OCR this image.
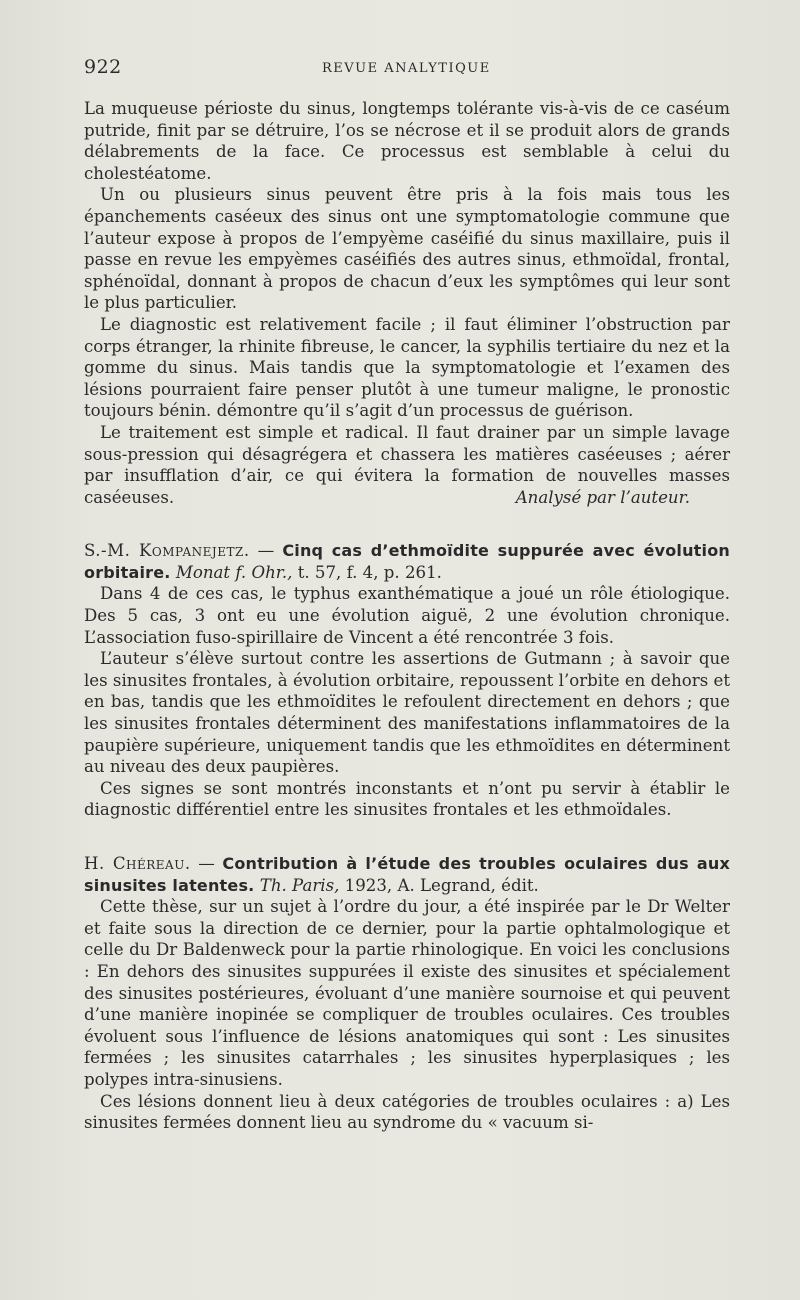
922	REVUE ANALYTIQUE

La muqueuse périoste du sinus, longtemps tolérante vis-à-vis de ce caséum putride, finit par se détruire, l’os se nécrose et il se produit alors de grands délabrements de la face. Ce processus est semblable à celui du cholestéatome.

Un ou plusieurs sinus peuvent être pris à la fois mais tous les épanchements caséeux des sinus ont une symptomatologie commune que l’auteur expose à propos de l’empyème caséifié du sinus maxillaire, puis il passe en revue les empyèmes caséifiés des autres sinus, ethmoïdal, frontal, sphénoïdal, donnant à propos de chacun d’eux les symptômes qui leur sont le plus particulier.

Le diagnostic est relativement facile ; il faut éliminer l’obstruction par corps étranger, la rhinite fibreuse, le cancer, la syphilis tertiaire du nez et la gomme du sinus. Mais tandis que la symptomatologie et l’examen des lésions pourraient faire penser plutôt à une tumeur maligne, le pronostic toujours bénin. démontre qu’il s’agit d’un processus de guérison.

Le traitement est simple et radical. Il faut drainer par un simple lavage sous-pression qui désagrégera et chassera les matières caséeuses ; aérer par insufflation d’air, ce qui évitera la formation de nouvelles masses caséeuses.	Analysé par l’auteur.

S.-M. Kompanejetz. — Cinq cas d’ethmoïdite suppurée avec évolution orbitaire. Monat f. Ohr., t. 57, f. 4, p. 261.

Dans 4 de ces cas, le typhus exanthématique a joué un rôle étiologique. Des 5 cas, 3 ont eu une évolution aiguë, 2 une évolution chronique. L’association fuso-spirillaire de Vincent a été rencontrée 3 fois.

L’auteur s’élève surtout contre les assertions de Gutmann ; à savoir que les sinusites frontales, à évolution orbitaire, repoussent l’orbite en dehors et en bas, tandis que les ethmoïdites le refoulent directement en dehors ; que les sinusites frontales déterminent des manifestations inflammatoires de la paupière supérieure, uniquement tandis que les ethmoïdites en déterminent au niveau des deux paupières.

Ces signes se sont montrés inconstants et n’ont pu servir à établir le diagnostic différentiel entre les sinusites frontales et les ethmoïdales.

H. Chéreau. — Contribution à l’étude des troubles oculaires dus aux sinusites latentes. Th. Paris, 1923, A. Legrand, édit.

Cette thèse, sur un sujet à l’ordre du jour, a été inspirée par le Dr Welter et faite sous la direction de ce dernier, pour la partie ophtalmologique et celle du Dr Baldenweck pour la partie rhinologique. En voici les conclusions : En dehors des sinusites suppurées il existe des sinusites et spécialement des sinusites postérieures, évoluant d’une manière sournoise et qui peuvent d’une manière inopinée se compliquer de troubles oculaires. Ces troubles évoluent sous l’influence de lésions anatomiques qui sont : Les sinusites fermées ; les sinusites catarrhales ; les sinusites hyperplasiques ; les polypes intra-sinusiens.

Ces lésions donnent lieu à deux catégories de troubles oculaires : a) Les sinusites fermées donnent lieu au syndrome du « vacuum si-
